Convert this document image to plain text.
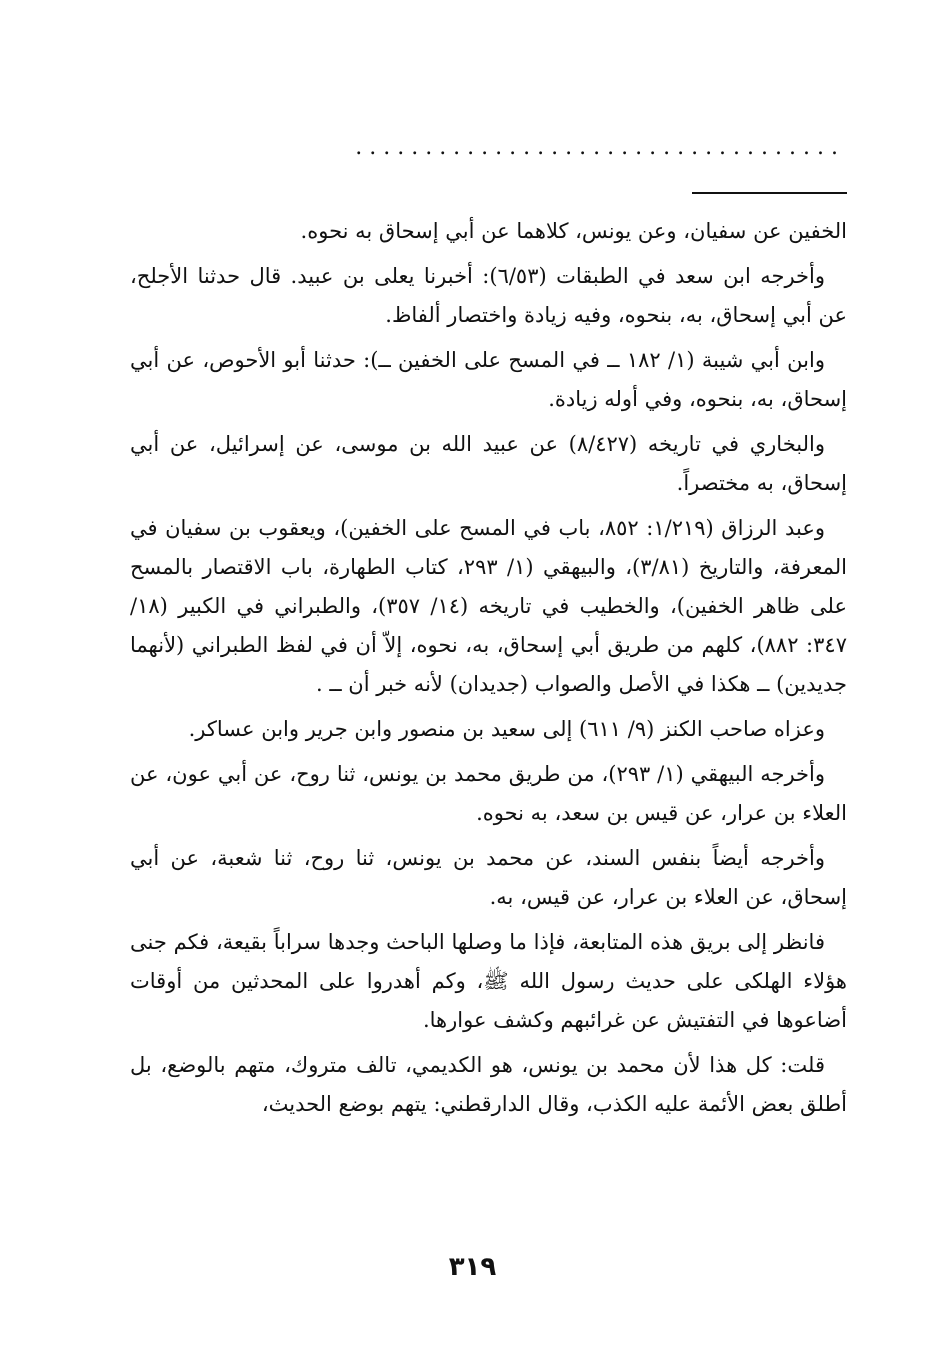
...................................

الخفين عن سفيان، وعن يونس، كلاهما عن أبي إسحاق به نحوه.

وأخرجه ابن سعد في الطبقات (٦/٥٣): أخبرنا يعلى بن عبيد. قال حدثنا الأجلح، عن أبي إسحاق، به، بنحوه، وفيه زيادة واختصار ألفاظ.

وابن أبي شيبة (١/ ١٨٢ ــ في المسح على الخفين ــ): حدثنا أبو الأحوص، عن أبي إسحاق، به، بنحوه، وفي أوله زيادة.

والبخاري في تاريخه (٨/٤٢٧) عن عبيد الله بن موسى، عن إسرائيل، عن أبي إسحاق، به مختصراً.

وعبد الرزاق (١/٢١٩: ٨٥٢، باب في المسح على الخفين)، ويعقوب بن سفيان في المعرفة، والتاريخ (٣/٨١)، والبيهقي (١/ ٢٩٣، كتاب الطهارة، باب الاقتصار بالمسح على ظاهر الخفين)، والخطيب في تاريخه (١٤/ ٣٥٧)، والطبراني في الكبير (١٨/ ٣٤٧: ٨٨٢)، كلهم من طريق أبي إسحاق، به، نحوه، إلاّ أن في لفظ الطبراني (لأنهما جديدين) ــ هكذا في الأصل والصواب (جديدان) لأنه خبر أن ــ .

وعزاه صاحب الكنز (٩/ ٦١١) إلى سعيد بن منصور وابن جرير وابن عساكر.

وأخرجه البيهقي (١/ ٢٩٣)، من طريق محمد بن يونس، ثنا روح، عن أبي عون، عن العلاء بن عرار، عن قيس بن سعد، به نحوه.

وأخرجه أيضاً بنفس السند، عن محمد بن يونس، ثنا روح، ثنا شعبة، عن أبي إسحاق، عن العلاء بن عرار، عن قيس، به.

فانظر إلى بريق هذه المتابعة، فإذا ما وصلها الباحث وجدها سراباً بقيعة، فكم جنى هؤلاء الهلكى على حديث رسول الله ﷺ، وكم أهدروا على المحدثين من أوقات أضاعوها في التفتيش عن غرائبهم وكشف عوارها.

قلت: كل هذا لأن محمد بن يونس، هو الكديمي، تالف متروك، متهم بالوضع، بل أطلق بعض الأئمة عليه الكذب، وقال الدارقطني: يتهم بوضع الحديث،

٣١٩
